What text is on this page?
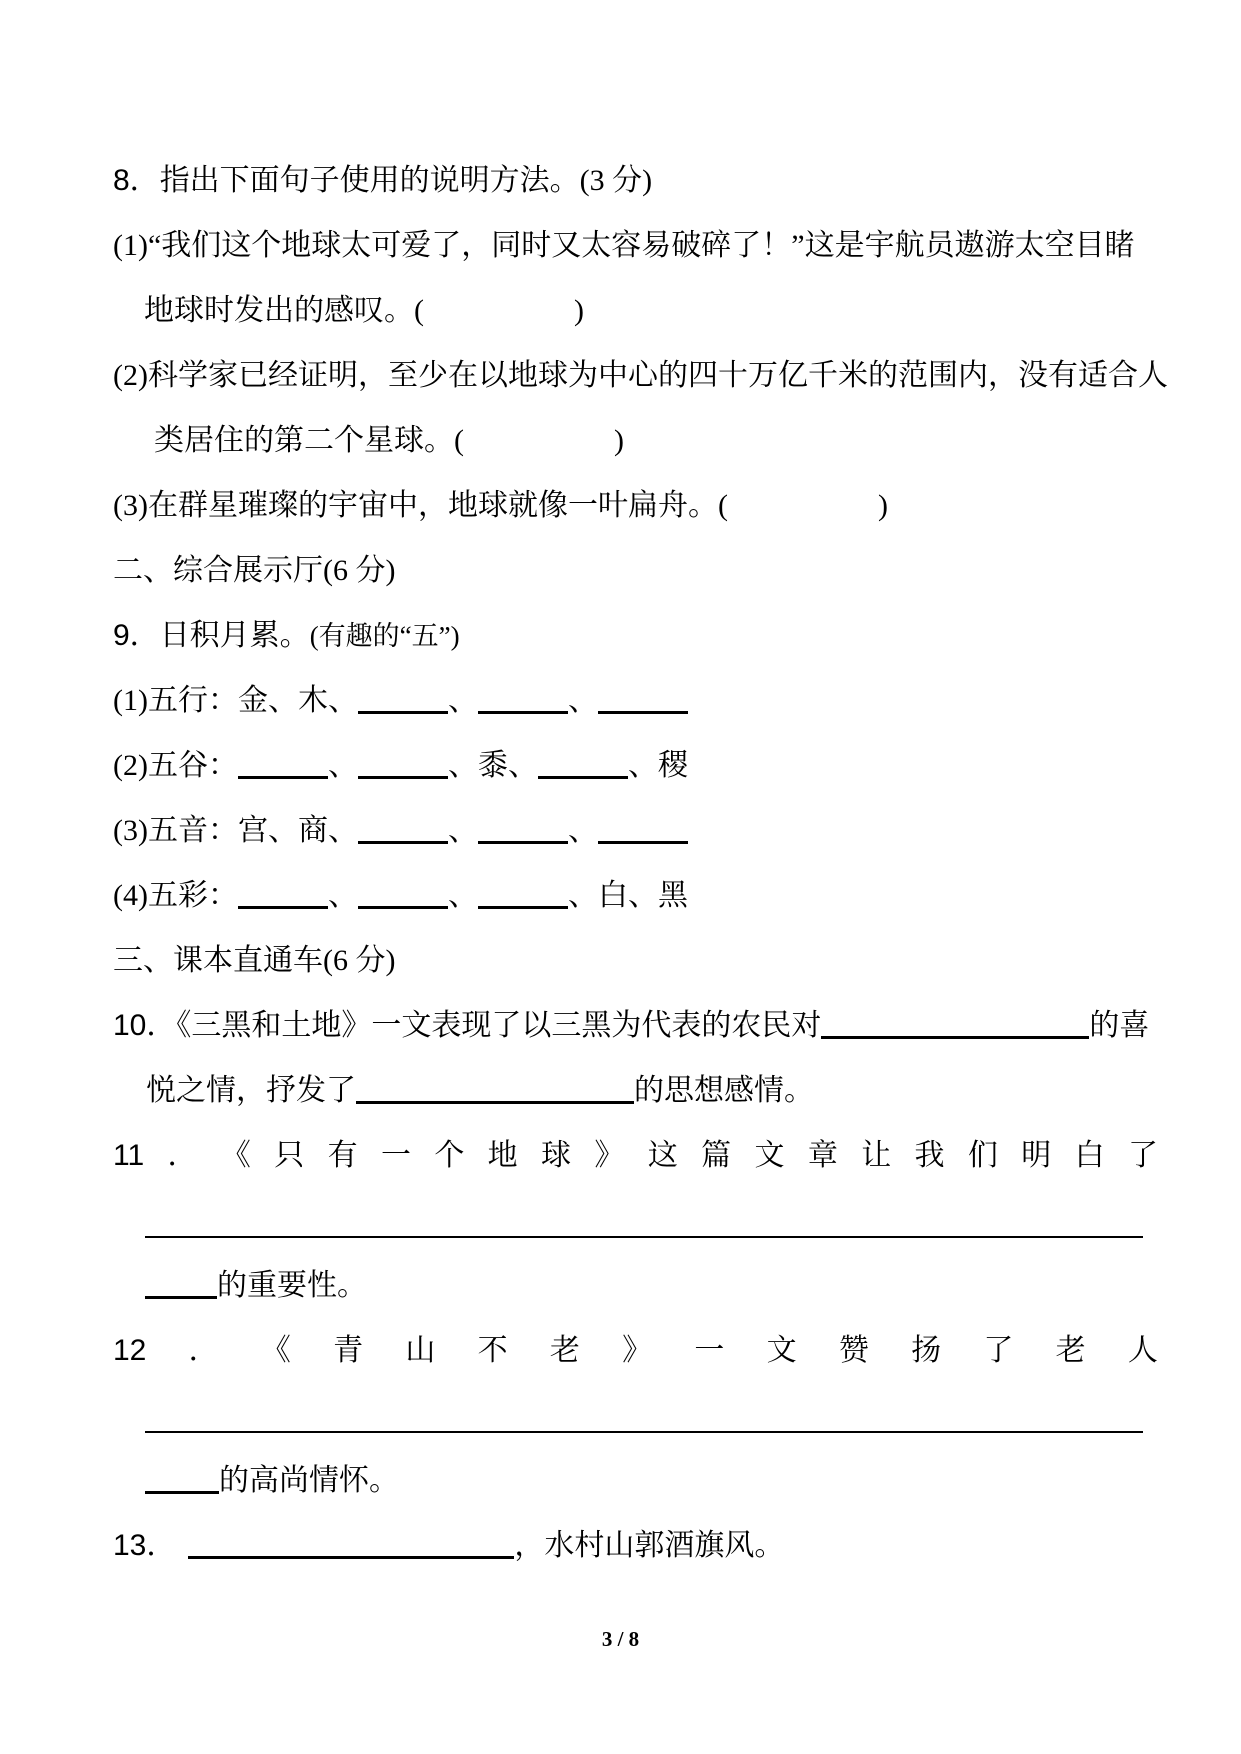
8．指出下面句子使用的说明方法。(3 分)
(1)“我们这个地球太可爱了，同时又太容易破碎了！”这是宇航员遨游太空目睹
地球时发出的感叹。(	)
(2)科学家已经证明，至少在以地球为中心的四十万亿千米的范围内，没有适合人
类居住的第二个星球。(	)
(3)在群星璀璨的宇宙中，地球就像一叶扁舟。(	)
二、综合展示厅(6 分)
9．日积月累。(有趣的“五”)
(1)五行：金、木、	、	、
(2)五谷：	、	、黍、	、稷
(3)五音：宫、商、	、	、
(4)五彩：	、	、	、白、黑
三、课本直通车(6 分)
10．《三黑和土地》一文表现了以三黑为代表的农民对	的喜
悦之情，抒发了	的思想感情。
11 ． 《 只 有 一 个 地 球 》 这 篇 文 章 让 我 们 明 白 了
的重要性。
12 ． 《 青 山 不 老 》 一 文 赞 扬 了 老 人
的高尚情怀。
13．	，水村山郭酒旗风。
3 / 8
